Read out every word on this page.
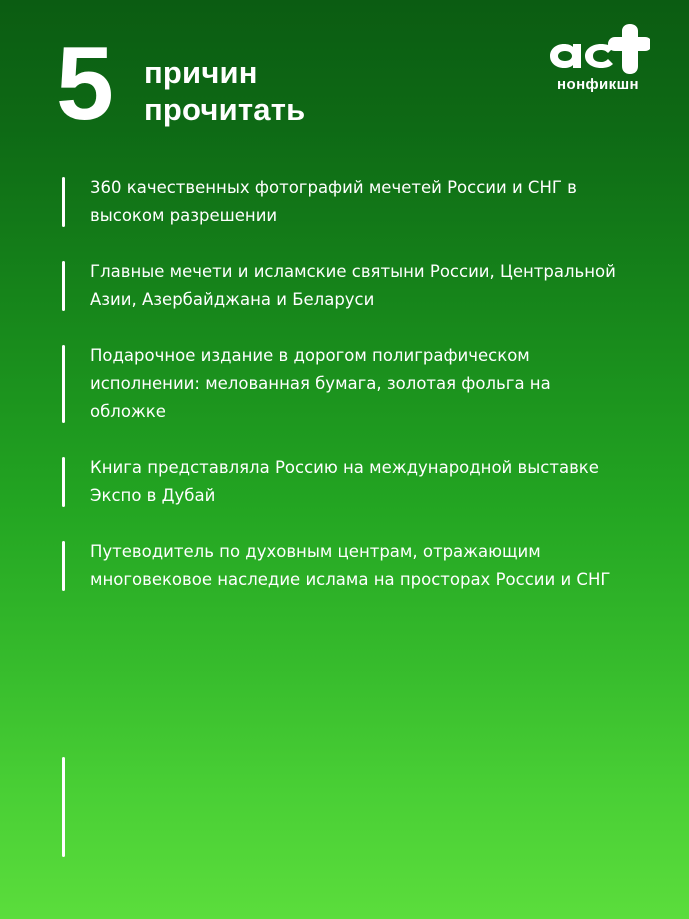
5 причин
прочитать
нонфикшн
360 качественных фотографий мечетей России и СНГ в высоком разрешении
Главные мечети и исламские святыни России, Центральной Азии, Азербайджана и Беларуси
Подарочное издание в дорогом полиграфическом исполнении: мелованная бумага, золотая фольга на обложке
Книга представляла Россию на международной выставке Экспо в Дубай
Путеводитель по духовным центрам, отражающим многовековое наследие ислама на просторах России и СНГ
